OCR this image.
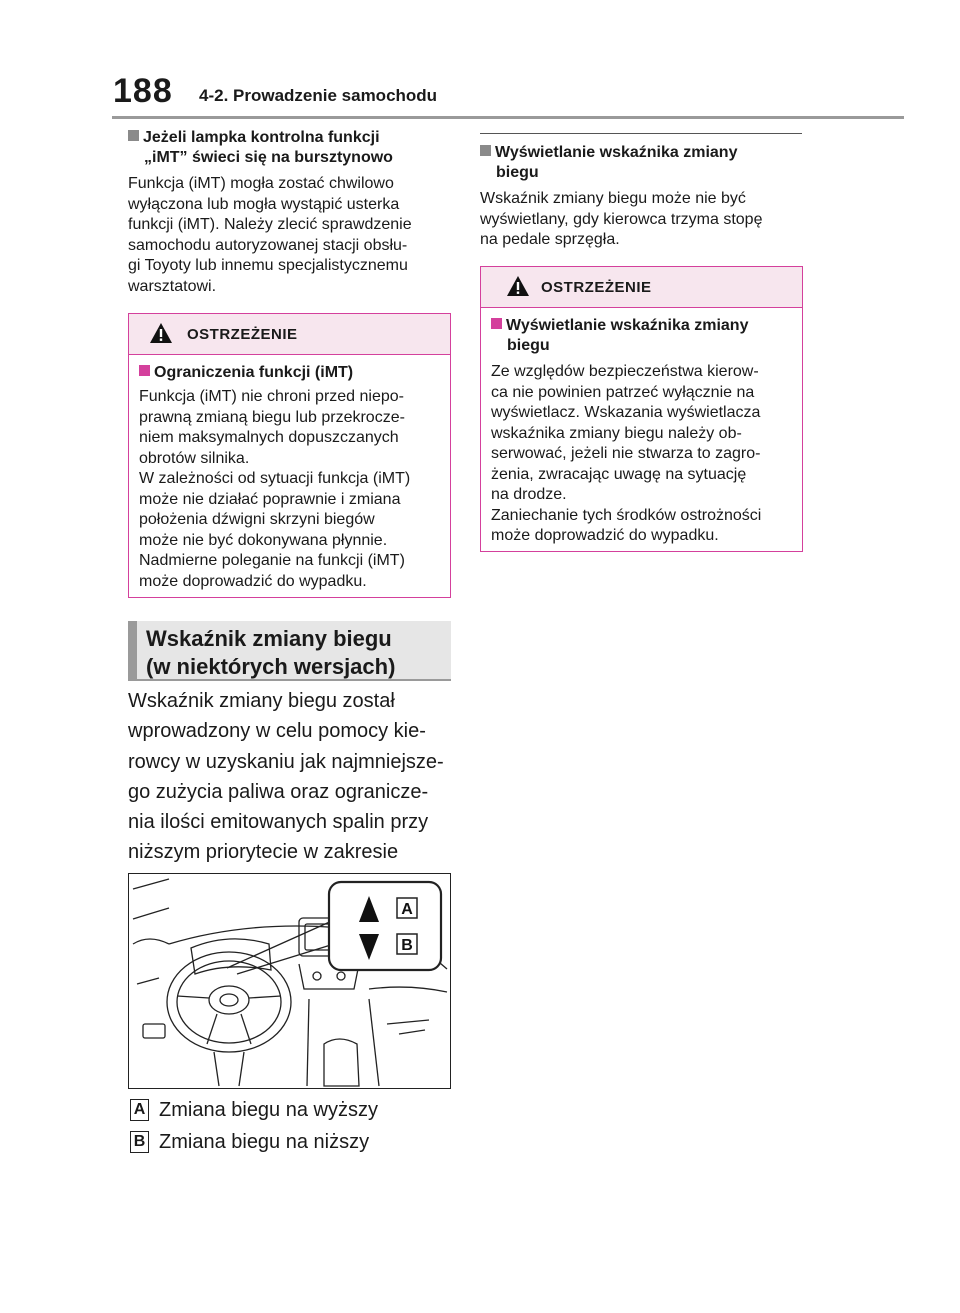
188 4-2. Prowadzenie samochodu
Jeżeli lampka kontrolna funkcji
„iMT” świeci się na bursztynowo
Funkcja (iMT) mogła zostać chwilowo
wyłączona lub mogła wystąpić usterka
funkcji (iMT). Należy zlecić sprawdzenie
samochodu autoryzowanej stacji obsłu-
gi Toyoty lub innemu specjalistycznemu
warsztatowi.
OSTRZEŻENIE
Ograniczenia funkcji (iMT)
Funkcja (iMT) nie chroni przed niepo-
prawną zmianą biegu lub przekrocze-
niem maksymalnych dopuszczanych
obrotów silnika.
W zależności od sytuacji funkcja (iMT)
może nie działać poprawnie i zmiana
położenia dźwigni skrzyni biegów
może nie być dokonywana płynnie.
Nadmierne poleganie na funkcji (iMT)
może doprowadzić do wypadku.
Wskaźnik zmiany biegu
(w niektórych wersjach)
Wskaźnik zmiany biegu został
wprowadzony w celu pomocy kie-
rowcy w uzyskaniu jak najmniejsze-
go zużycia paliwa oraz ogranicze-
nia ilości emitowanych spalin przy
niższym priorytecie w zakresie

A
B
A Zmiana biegu na wyższy
B Zmiana biegu na niższy
Wyświetlanie wskaźnika zmiany
biegu
Wskaźnik zmiany biegu może nie być
wyświetlany, gdy kierowca trzyma stopę
na pedale sprzęgła.
OSTRZEŻENIE
Wyświetlanie wskaźnika zmiany
biegu
Ze względów bezpieczeństwa kierow-
ca nie powinien patrzeć wyłącznie na
wyświetlacz. Wskazania wyświetlacza
wskaźnika zmiany biegu należy ob-
serwować, jeżeli nie stwarza to zagro-
żenia, zwracając uwagę na sytuację
na drodze.
Zaniechanie tych środków ostrożności
może doprowadzić do wypadku.
